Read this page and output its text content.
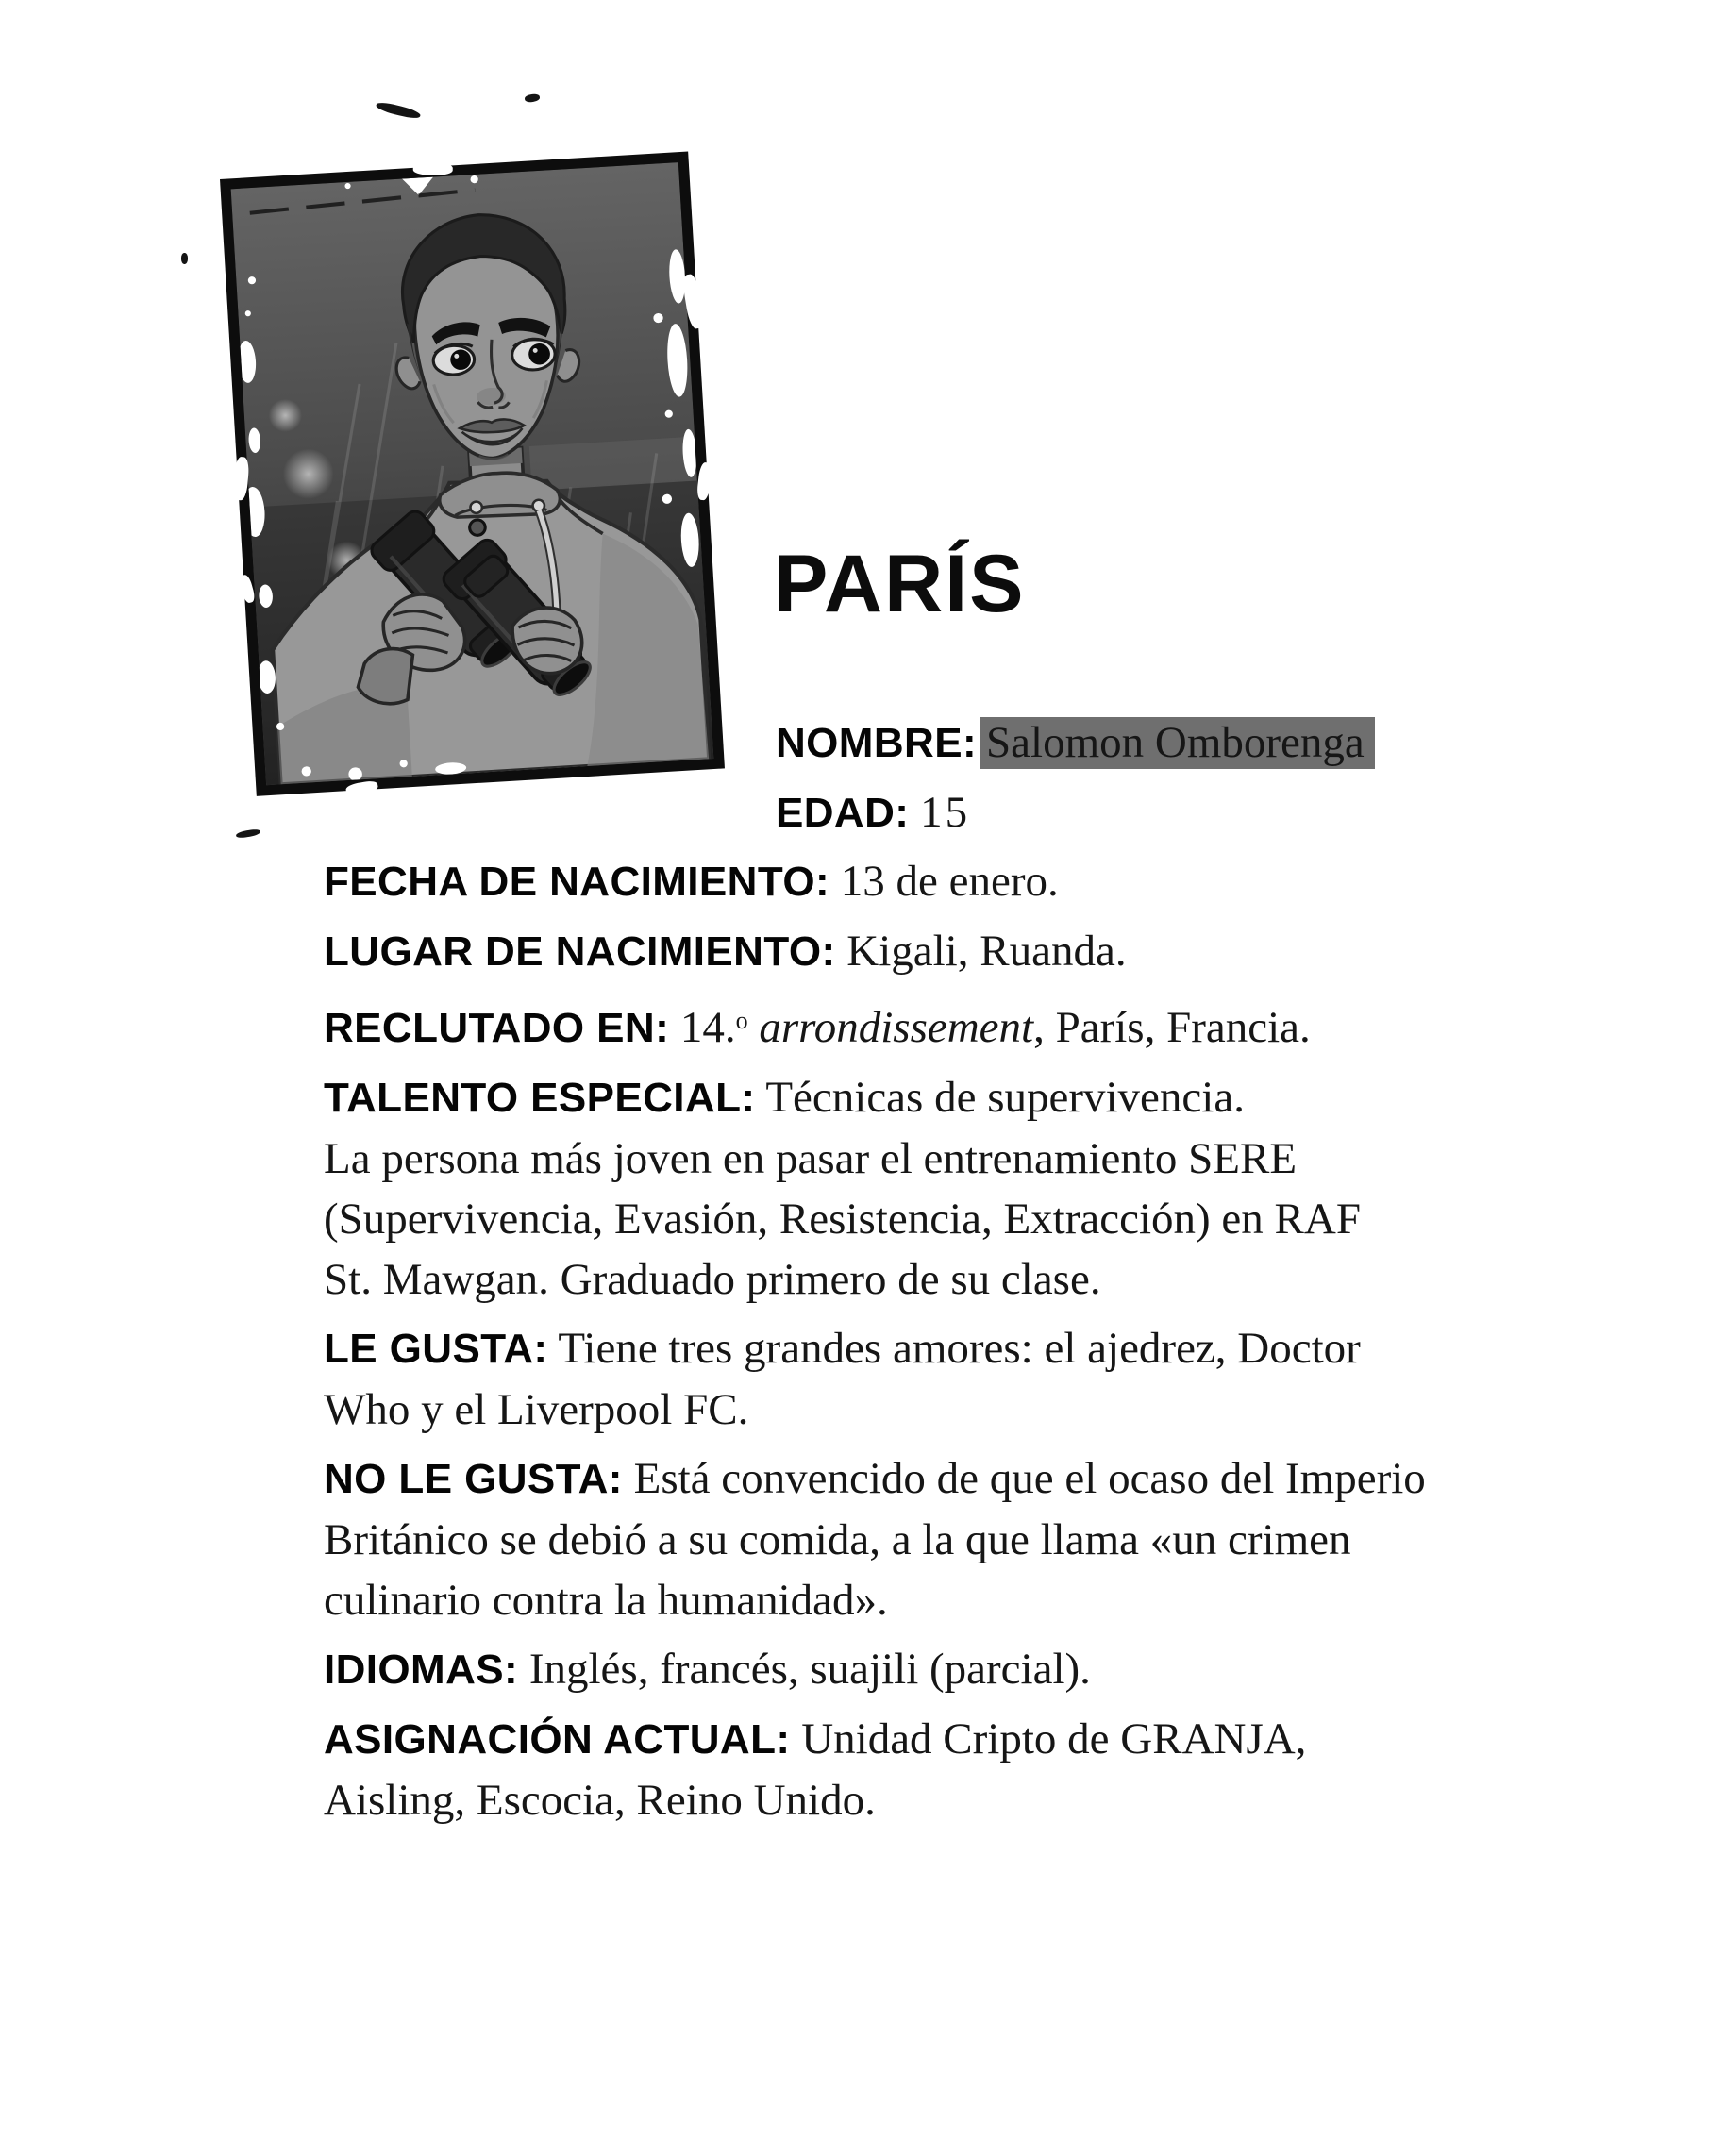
PARÍS
NOMBRE: Salomon Omborenga
EDAD: 15
FECHA DE NACIMIENTO: 13 de enero.
LUGAR DE NACIMIENTO: Kigali, Ruanda.
RECLUTADO EN: 14.$^o$ arrondissement, París, Francia.
TALENTO ESPECIAL: Técnicas de supervivencia.
La persona más joven en pasar el entrenamiento SERE
(Supervivencia, Evasión, Resistencia, Extracción) en RAF
St. Mawgan. Graduado primero de su clase.
LE GUSTA: Tiene tres grandes amores: el ajedrez, Doctor
Who y el Liverpool FC.
NO LE GUSTA: Está convencido de que el ocaso del Imperio
Británico se debió a su comida, a la que llama «un crimen
culinario contra la humanidad».
IDIOMAS: Inglés, francés, suajili (parcial).
ASIGNACIÓN ACTUAL: Unidad Cripto de GRANJA,
Aisling, Escocia, Reino Unido.
